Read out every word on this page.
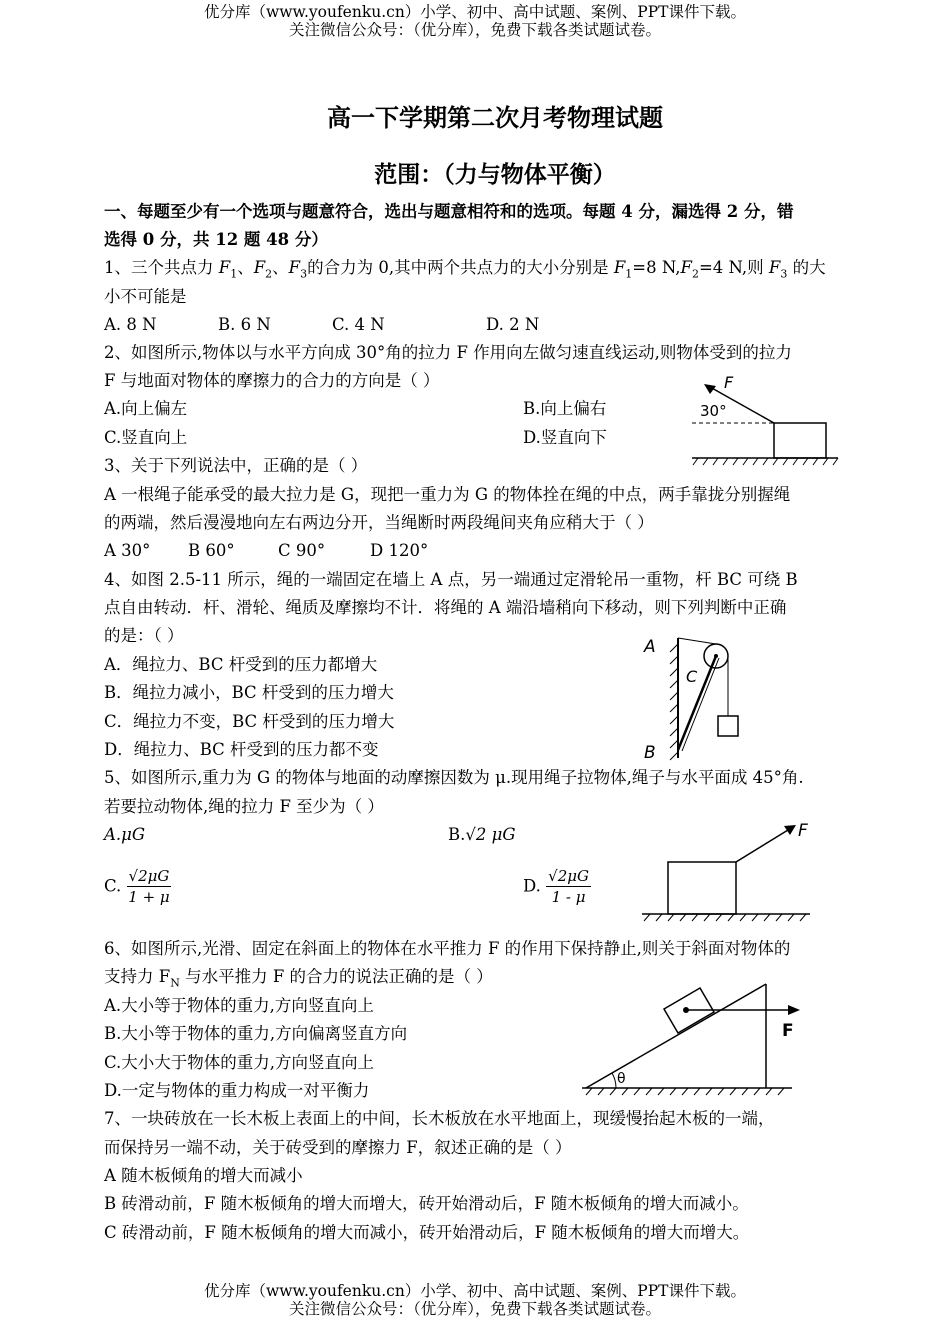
优分库（www.youfenku.cn）小学、初中、高中试题、案例、PPT课件下载。
关注微信公众号：（优分库），免费下载各类试题试卷。
高一下学期第二次月考物理试题
范围：（力与物体平衡）
一、每题至少有一个选项与题意符合，选出与题意相符和的选项。每题 4 分，漏选得 2 分，错
选得 0 分，共 12 题 48 分）
1、三个共点力 $F_1$、$F_2$、$F_3$的合力为 0,其中两个共点力的大小分别是 $F_1=8$ $N,F_2=4$ N,则 $F_3$ 的大
小不可能是
A. 8 N	B. 6 N	C. 4 N	D. 2 N
2、如图所示,物体以与水平方向成 30°角的拉力 F 作用向左做匀速直线运动,则物体受到的拉力
F 与地面对物体的摩擦力的合力的方向是（ ）
A.向上偏左	B.向上偏右
C.竖直向上	D.竖直向下
F
30°
3、关于下列说法中，正确的是（ ）
A 一根绳子能承受的最大拉力是 G，现把一重力为 G 的物体拴在绳的中点，两手靠拢分别握绳
的两端，然后漫漫地向左右两边分开，当绳断时两段绳间夹角应稍大于（ ）
A 30° B 60°	C 90°	D 120°
4、如图 2.5-11 所示，绳的一端固定在墙上 A 点，另一端通过定滑轮吊一重物，杆 BC 可绕 B
点自由转动．杆、滑轮、绳质及摩擦均不计．将绳的 A 端沿墙稍向下移动，则下列判断中正确
的是：（ ）
A．绳拉力、BC 杆受到的压力都增大
B．绳拉力减小，BC 杆受到的压力增大
C．绳拉力不变，BC 杆受到的压力增大
D．绳拉力、BC 杆受到的压力都不变
A
C
B
5、如图所示,重力为 G 的物体与地面的动摩擦因数为 μ.现用绳子拉物体,绳子与水平面成 45°角.
若要拉动物体,绳的拉力 F 至少为（ ）
A.μG	B.√2 μG
C. $\frac{√2\mu G}{1 + \mu}$	D. $\frac{√2\mu G}{1 - \mu}$
F
6、如图所示,光滑、固定在斜面上的物体在水平推力 F 的作用下保持静止,则关于斜面对物体的
支持力 $F_N$ 与水平推力 F 的合力的说法正确的是（ ）
A.大小等于物体的重力,方向竖直向上
B.大小等于物体的重力,方向偏离竖直方向
C.大小大于物体的重力,方向竖直向上
D.一定与物体的重力构成一对平衡力
θ
F
7、一块砖放在一长木板上表面上的中间，长木板放在水平地面上，现缓慢抬起木板的一端，
而保持另一端不动，关于砖受到的摩擦力 F，叙述正确的是（ ）
A 随木板倾角的增大而减小
B 砖滑动前，F 随木板倾角的增大而增大，砖开始滑动后，F 随木板倾角的增大而减小。
C 砖滑动前，F 随木板倾角的增大而减小，砖开始滑动后，F 随木板倾角的增大而增大。
优分库（www.youfenku.cn）小学、初中、高中试题、案例、PPT课件下载。
关注微信公众号：（优分库），免费下载各类试题试卷。
